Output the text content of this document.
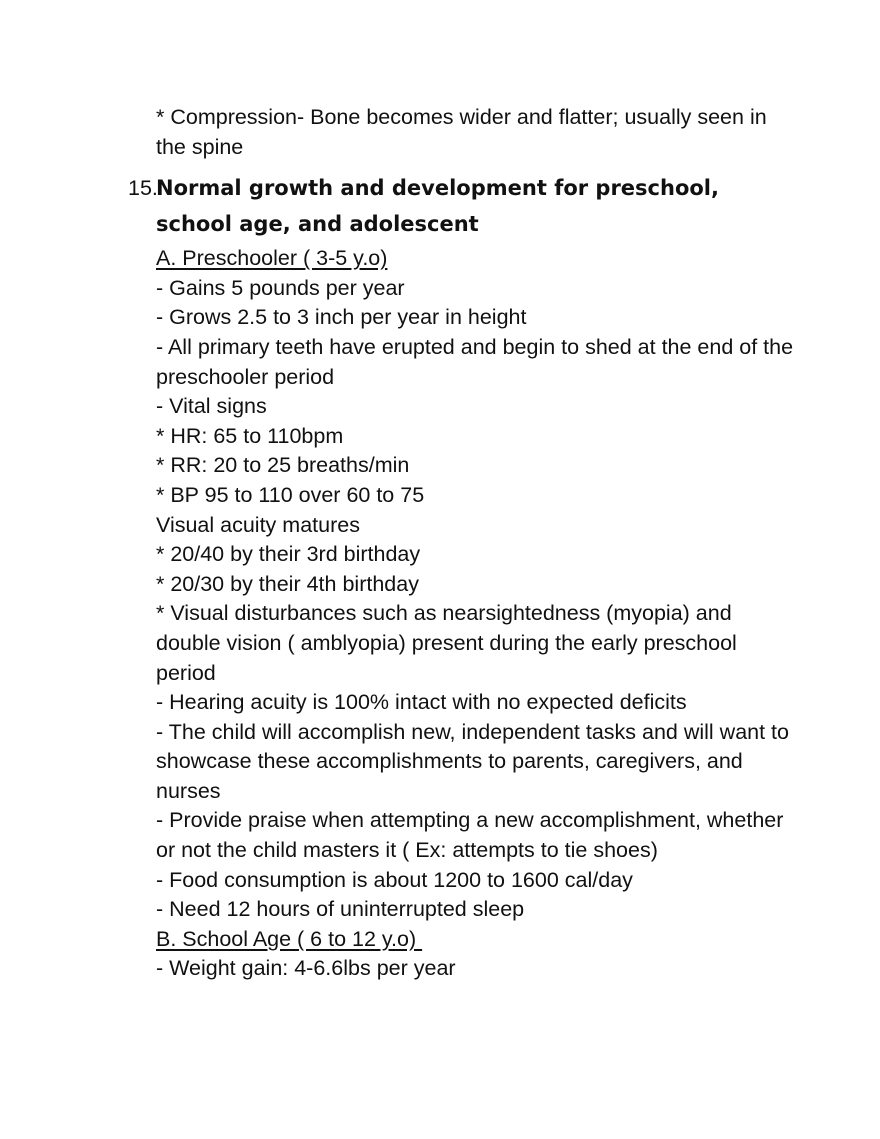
* Compression- Bone becomes wider and flatter; usually seen in the spine
15.
Normal growth and development for preschool, school age, and adolescent
A. Preschooler ( 3-5 y.o)
- Gains 5 pounds per year
- Grows 2.5 to 3 inch per year in height
- All primary teeth have erupted and begin to shed at the end of the preschooler period
- Vital signs
* HR: 65 to 110bpm
* RR: 20 to 25 breaths/min
* BP 95 to 110 over 60 to 75
Visual acuity matures
* 20/40 by their 3rd birthday
* 20/30 by their 4th birthday
* Visual disturbances such as nearsightedness (myopia) and double vision ( amblyopia) present during the early preschool period
- Hearing acuity is 100% intact with no expected deficits
- The child will accomplish new, independent tasks and will want to showcase these accomplishments to parents, caregivers, and nurses
- Provide praise when attempting a new accomplishment, whether or not the child masters it ( Ex: attempts to tie shoes)
- Food consumption is about 1200 to 1600 cal/day
- Need 12 hours of uninterrupted sleep
B. School Age ( 6 to 12 y.o)
- Weight gain: 4-6.6lbs per year
